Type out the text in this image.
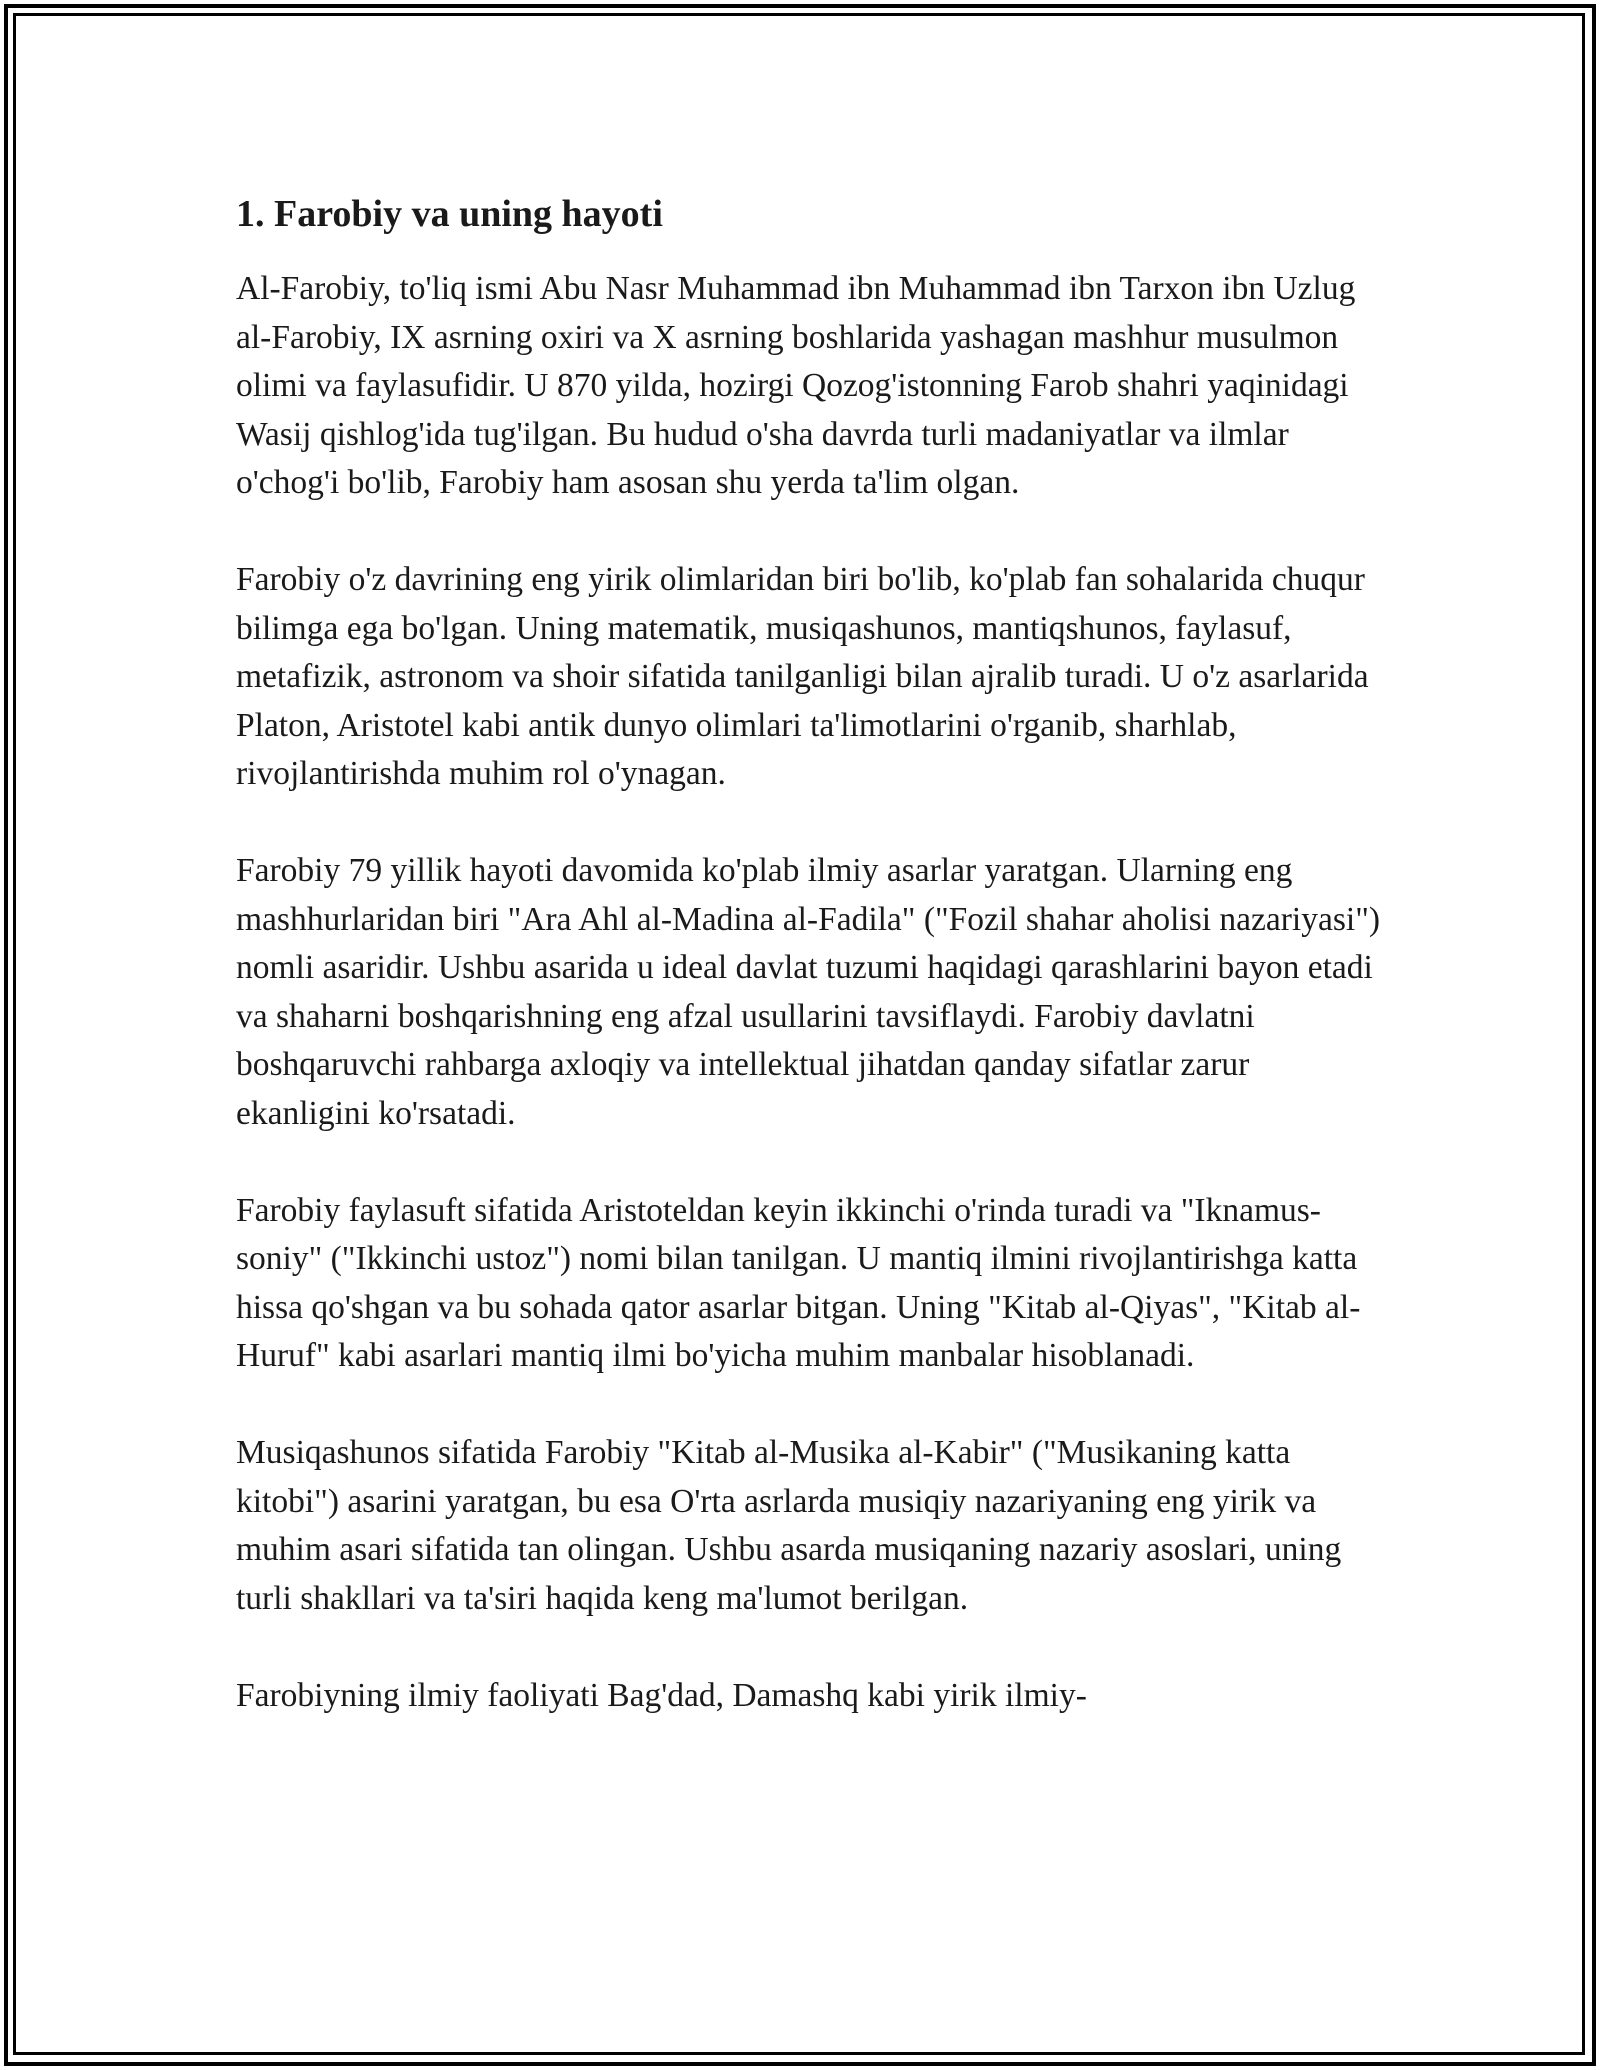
1. Farobiy va uning hayoti

Al-Farobiy, to'liq ismi Abu Nasr Muhammad ibn Muhammad ibn Tarxon ibn Uzlug al-Farobiy, IX asrning oxiri va X asrning boshlarida yashagan mashhur musulmon olimi va faylasufidir. U 870 yilda, hozirgi Qozog'istonning Farob shahri yaqinidagi Wasij qishlog'ida tug'ilgan. Bu hudud o'sha davrda turli madaniyatlar va ilmlar o'chog'i bo'lib, Farobiy ham asosan shu yerda ta'lim olgan.

Farobiy o'z davrining eng yirik olimlaridan biri bo'lib, ko'plab fan sohalarida chuqur bilimga ega bo'lgan. Uning matematik, musiqashunos, mantiqshunos, faylasuf, metafizik, astronom va shoir sifatida tanilganligi bilan ajralib turadi. U o'z asarlarida Platon, Aristotel kabi antik dunyo olimlari ta'limotlarini o'rganib, sharhlab, rivojlantirishda muhim rol o'ynagan.

Farobiy 79 yillik hayoti davomida ko'plab ilmiy asarlar yaratgan. Ularning eng mashhurlaridan biri "Ara Ahl al-Madina al-Fadila" ("Fozil shahar aholisi nazariyasi") nomli asaridir. Ushbu asarida u ideal davlat tuzumi haqidagi qarashlarini bayon etadi va shaharni boshqarishning eng afzal usullarini tavsiflaydi. Farobiy davlatni boshqaruvchi rahbarga axloqiy va intellektual jihatdan qanday sifatlar zarur ekanligini ko'rsatadi.

Farobiy faylasuft sifatida Aristoteldan keyin ikkinchi o'rinda turadi va "Iknamus-soniy" ("Ikkinchi ustoz") nomi bilan tanilgan. U mantiq ilmini rivojlantirishga katta hissa qo'shgan va bu sohada qator asarlar bitgan. Uning "Kitab al-Qiyas", "Kitab al-Huruf" kabi asarlari mantiq ilmi bo'yicha muhim manbalar hisoblanadi.

Musiqashunos sifatida Farobiy "Kitab al-Musika al-Kabir" ("Musikaning katta kitobi") asarini yaratgan, bu esa O'rta asrlarda musiqiy nazariyaning eng yirik va muhim asari sifatida tan olingan. Ushbu asarda musiqaning nazariy asoslari, uning turli shakllari va ta'siri haqida keng ma'lumot berilgan.

Farobiyning ilmiy faoliyati Bag'dad, Damashq kabi yirik ilmiy-
